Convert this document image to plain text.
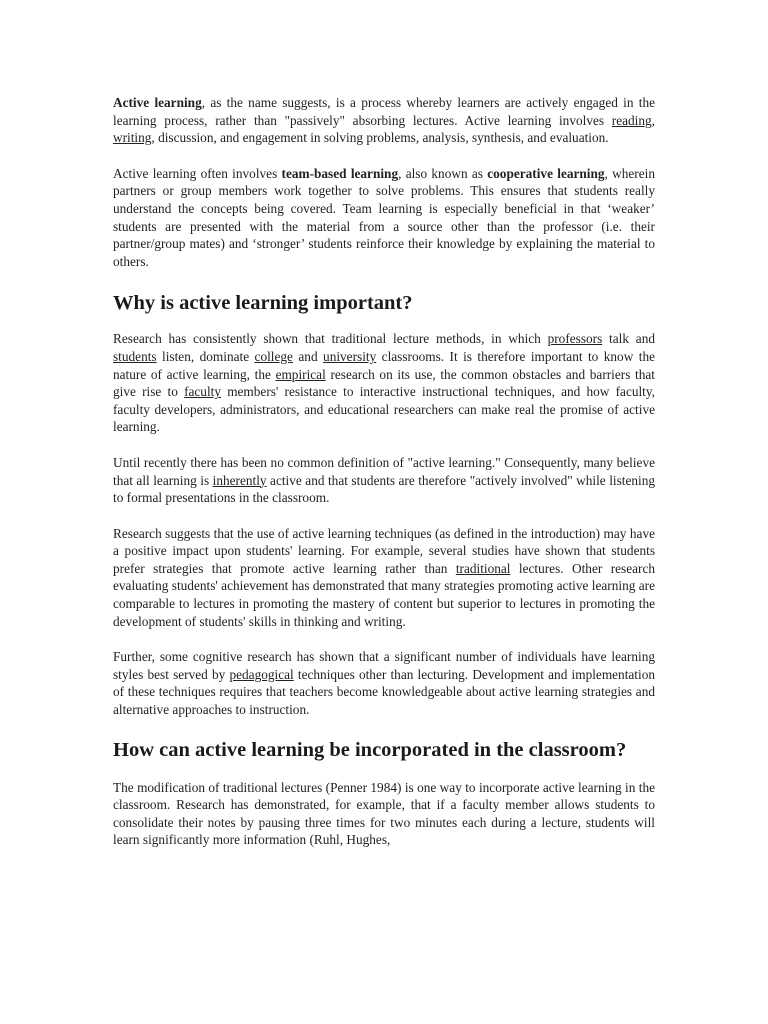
Active learning, as the name suggests, is a process whereby learners are actively engaged in the learning process, rather than "passively" absorbing lectures. Active learning involves reading, writing, discussion, and engagement in solving problems, analysis, synthesis, and evaluation.

Active learning often involves team-based learning, also known as cooperative learning, wherein partners or group members work together to solve problems. This ensures that students really understand the concepts being covered. Team learning is especially beneficial in that ‘weaker’ students are presented with the material from a source other than the professor (i.e. their partner/group mates) and ‘stronger’ students reinforce their knowledge by explaining the material to others.

Why is active learning important?

Research has consistently shown that traditional lecture methods, in which professors talk and students listen, dominate college and university classrooms. It is therefore important to know the nature of active learning, the empirical research on its use, the common obstacles and barriers that give rise to faculty members' resistance to interactive instructional techniques, and how faculty, faculty developers, administrators, and educational researchers can make real the promise of active learning.

Until recently there has been no common definition of "active learning." Consequently, many believe that all learning is inherently active and that students are therefore "actively involved" while listening to formal presentations in the classroom.

Research suggests that the use of active learning techniques (as defined in the introduction) may have a positive impact upon students' learning. For example, several studies have shown that students prefer strategies that promote active learning rather than traditional lectures. Other research evaluating students' achievement has demonstrated that many strategies promoting active learning are comparable to lectures in promoting the mastery of content but superior to lectures in promoting the development of students' skills in thinking and writing.

Further, some cognitive research has shown that a significant number of individuals have learning styles best served by pedagogical techniques other than lecturing. Development and implementation of these techniques requires that teachers become knowledgeable about active learning strategies and alternative approaches to instruction.

How can active learning be incorporated in the classroom?

The modification of traditional lectures (Penner 1984) is one way to incorporate active learning in the classroom. Research has demonstrated, for example, that if a faculty member allows students to consolidate their notes by pausing three times for two minutes each during a lecture, students will learn significantly more information (Ruhl, Hughes,
